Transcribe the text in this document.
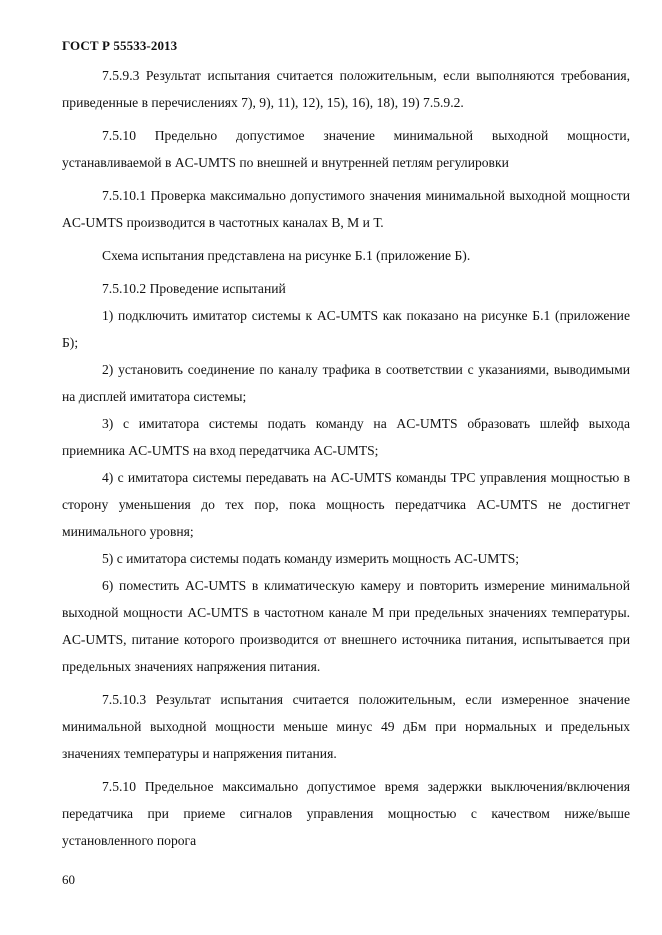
ГОСТ Р 55533-2013

7.5.9.3 Результат испытания считается положительным, если выполняются требования, приведенные в перечислениях 7), 9), 11), 12), 15), 16), 18), 19) 7.5.9.2.

7.5.10 Предельно допустимое значение минимальной выходной мощности, устанавливаемой в AC-UMTS по внешней и внутренней петлям регулировки

7.5.10.1 Проверка максимально допустимого значения минимальной выходной мощности AC-UMTS производится в частотных каналах В, М и Т.

Схема испытания представлена на рисунке Б.1 (приложение Б).

7.5.10.2 Проведение испытаний

1) подключить имитатор системы к AC-UMTS как показано на рисунке Б.1 (приложение Б);

2) установить соединение по каналу трафика в соответствии с указаниями, выводимыми на дисплей имитатора системы;

3) с имитатора системы подать команду на AC-UMTS образовать шлейф выхода приемника AC-UMTS на вход передатчика AC-UMTS;

4) с имитатора системы передавать на AC-UMTS команды TPC управления мощностью в сторону уменьшения до тех пор, пока мощность передатчика AC-UMTS не достигнет минимального уровня;

5) с имитатора системы подать команду измерить мощность AC-UMTS;

6) поместить AC-UMTS в климатическую камеру и повторить измерение минимальной выходной мощности AC-UMTS в частотном канале М при предельных значениях температуры. AC-UMTS, питание которого производится от внешнего источника питания, испытывается при предельных значениях напряжения питания.

7.5.10.3 Результат испытания считается положительным, если измеренное значение минимальной выходной мощности меньше минус 49 дБм при нормальных и предельных значениях температуры и напряжения питания.

7.5.10 Предельное максимально допустимое время задержки выключения/включения передатчика при приеме сигналов управления мощностью с качеством ниже/выше установленного порога

60
